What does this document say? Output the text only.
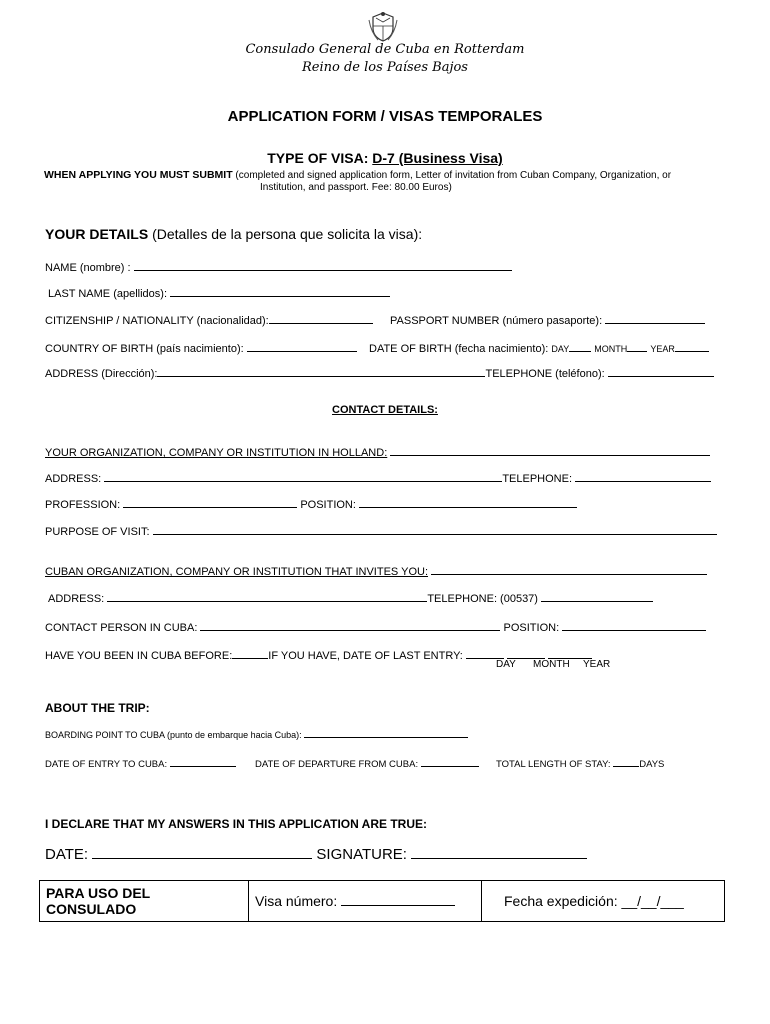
Consulado General de Cuba en Rotterdam
Reino de los Países Bajos
APPLICATION FORM / VISAS TEMPORALES
TYPE OF VISA: D-7 (Business Visa)
WHEN APPLYING YOU MUST SUBMIT (completed and signed application form, Letter of invitation from Cuban Company, Organization, or
Institution, and passport. Fee: 80.00 Euros)
YOUR DETAILS (Detalles de la persona que solicita la visa):
NAME (nombre) :
LAST NAME (apellidos):
CITIZENSHIP / NATIONALITY (nacionalidad):	PASSPORT NUMBER (número pasaporte):
COUNTRY OF BIRTH (país nacimiento):	DATE OF BIRTH (fecha nacimiento): DAY	MONTH	YEAR
ADDRESS (Dirección):	TELEPHONE (teléfono):
CONTACT DETAILS:
YOUR ORGANIZATION, COMPANY OR INSTITUTION IN HOLLAND:
ADDRESS:	TELEPHONE:
PROFESSION:	POSITION:
PURPOSE OF VISIT:
CUBAN ORGANIZATION, COMPANY OR INSTITUTION THAT INVITES YOU:
ADDRESS:	TELEPHONE: (00537)
CONTACT PERSON IN CUBA:	POSITION:
HAVE YOU BEEN IN CUBA BEFORE:	IF YOU HAVE, DATE OF LAST ENTRY:
DAY MONTH YEAR
ABOUT THE TRIP:
BOARDING POINT TO CUBA (punto de embarque hacia Cuba):
DATE OF ENTRY TO CUBA:	DATE OF DEPARTURE FROM CUBA:	TOTAL LENGTH OF STAY:	DAYS
I DECLARE THAT MY ANSWERS IN THIS APPLICATION ARE TRUE:
DATE:	SIGNATURE:
PARA USO DEL CONSULADO	Visa número:	Fecha expedición: __/__/___
